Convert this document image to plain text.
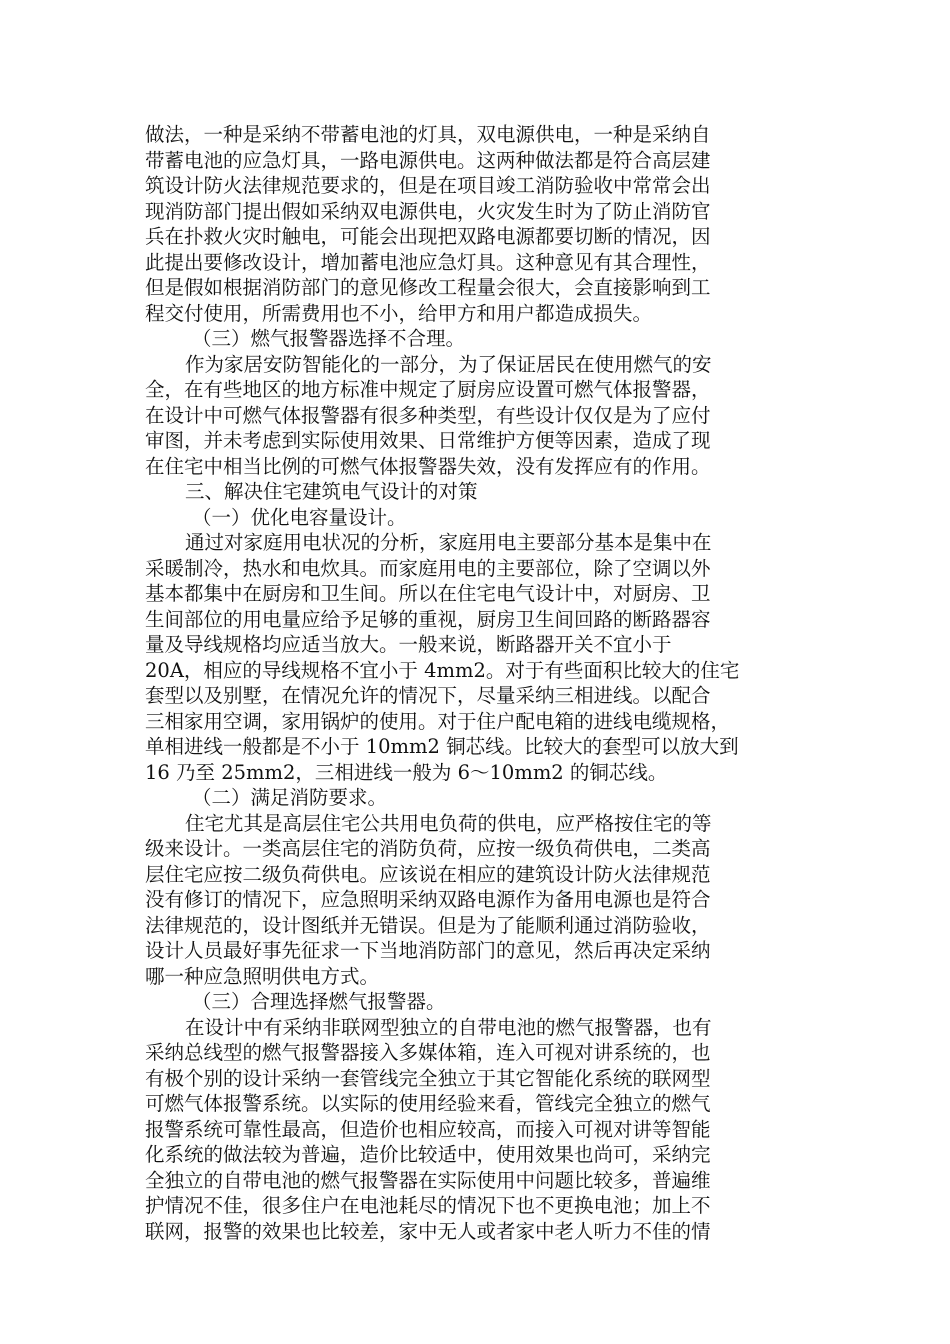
做法，一种是采纳不带蓄电池的灯具，双电源供电，一种是采纳自
带蓄电池的应急灯具，一路电源供电。这两种做法都是符合高层建
筑设计防火法律规范要求的，但是在项目竣工消防验收中常常会出
现消防部门提出假如采纳双电源供电，火灾发生时为了防止消防官
兵在扑救火灾时触电，可能会出现把双路电源都要切断的情况，因
此提出要修改设计，增加蓄电池应急灯具。这种意见有其合理性，
但是假如根据消防部门的意见修改工程量会很大，会直接影响到工
程交付使用，所需费用也不小，给甲方和用户都造成损失。
（三）燃气报警器选择不合理。
作为家居安防智能化的一部分，为了保证居民在使用燃气的安
全，在有些地区的地方标准中规定了厨房应设置可燃气体报警器，
在设计中可燃气体报警器有很多种类型，有些设计仅仅是为了应付
审图，并未考虑到实际使用效果、日常维护方便等因素，造成了现
在住宅中相当比例的可燃气体报警器失效，没有发挥应有的作用。
三、解决住宅建筑电气设计的对策
（一）优化电容量设计。
通过对家庭用电状况的分析，家庭用电主要部分基本是集中在
采暖制冷，热水和电炊具。而家庭用电的主要部位，除了空调以外
基本都集中在厨房和卫生间。所以在住宅电气设计中，对厨房、卫
生间部位的用电量应给予足够的重视，厨房卫生间回路的断路器容
量及导线规格均应适当放大。一般来说，断路器开关不宜小于
20A，相应的导线规格不宜小于 4mm2。对于有些面积比较大的住宅
套型以及别墅，在情况允许的情况下，尽量采纳三相进线。以配合
三相家用空调，家用锅炉的使用。对于住户配电箱的进线电缆规格，
单相进线一般都是不小于 10mm2 铜芯线。比较大的套型可以放大到
16 乃至 25mm2，三相进线一般为 6～10mm2 的铜芯线。
（二）满足消防要求。
住宅尤其是高层住宅公共用电负荷的供电，应严格按住宅的等
级来设计。一类高层住宅的消防负荷，应按一级负荷供电，二类高
层住宅应按二级负荷供电。应该说在相应的建筑设计防火法律规范
没有修订的情况下，应急照明采纳双路电源作为备用电源也是符合
法律规范的，设计图纸并无错误。但是为了能顺利通过消防验收，
设计人员最好事先征求一下当地消防部门的意见，然后再决定采纳
哪一种应急照明供电方式。
（三）合理选择燃气报警器。
在设计中有采纳非联网型独立的自带电池的燃气报警器，也有
采纳总线型的燃气报警器接入多媒体箱，连入可视对讲系统的，也
有极个别的设计采纳一套管线完全独立于其它智能化系统的联网型
可燃气体报警系统。以实际的使用经验来看，管线完全独立的燃气
报警系统可靠性最高，但造价也相应较高，而接入可视对讲等智能
化系统的做法较为普遍，造价比较适中，使用效果也尚可，采纳完
全独立的自带电池的燃气报警器在实际使用中问题比较多，普遍维
护情况不佳，很多住户在电池耗尽的情况下也不更换电池；加上不
联网，报警的效果也比较差，家中无人或者家中老人听力不佳的情
